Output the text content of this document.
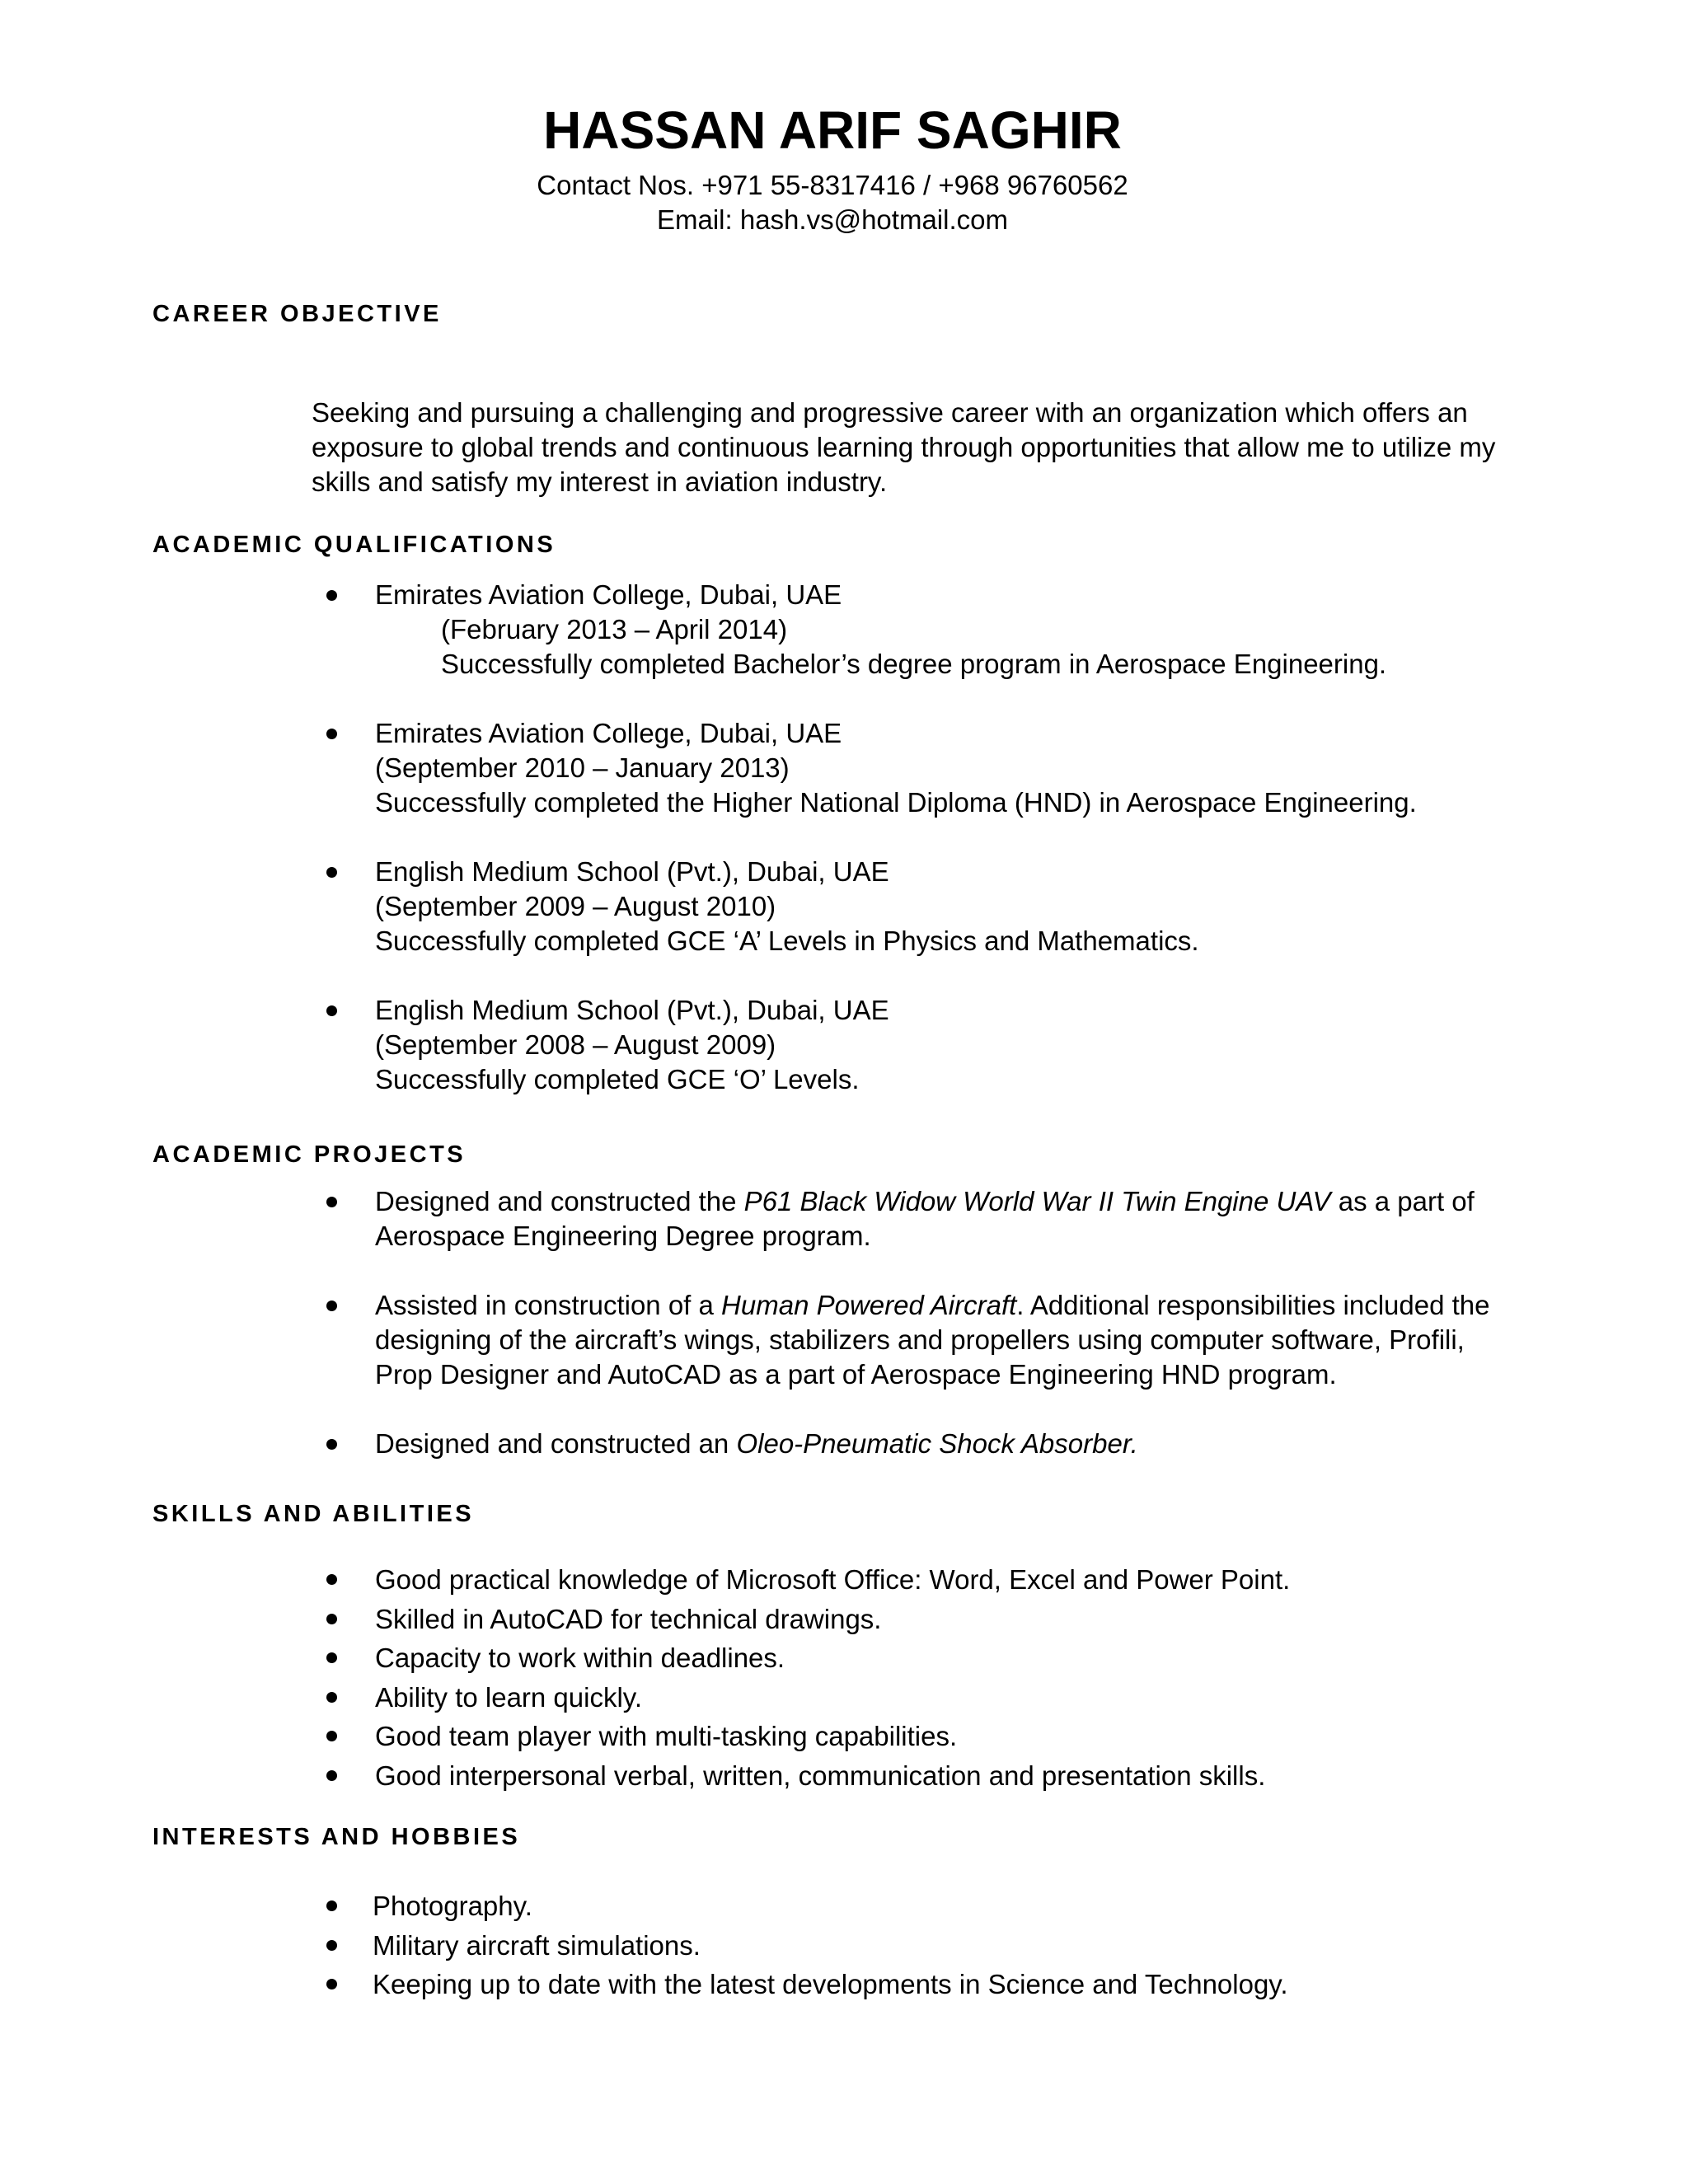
HASSAN ARIF SAGHIR
Contact Nos. +971 55-8317416 / +968 96760562
Email: hash.vs@hotmail.com
CAREER OBJECTIVE
Seeking and pursuing a challenging and progressive career with an organization which offers an exposure to global trends and continuous learning through opportunities that allow me to utilize my skills and satisfy my interest in aviation industry.
ACADEMIC QUALIFICATIONS
Emirates Aviation College, Dubai, UAE
(February 2013 – April 2014)
Successfully completed Bachelor’s degree program in Aerospace Engineering.
Emirates Aviation College, Dubai, UAE
(September 2010 – January 2013)
Successfully completed the Higher National Diploma (HND) in Aerospace Engineering.
English Medium School (Pvt.), Dubai, UAE
(September 2009 – August 2010)
Successfully completed GCE ‘A’ Levels in Physics and Mathematics.
English Medium School (Pvt.), Dubai, UAE
(September 2008 – August 2009)
Successfully completed GCE ‘O’ Levels.
ACADEMIC PROJECTS
Designed and constructed the P61 Black Widow World War II Twin Engine UAV as a part of Aerospace Engineering Degree program.
Assisted in construction of a Human Powered Aircraft. Additional responsibilities included the designing of the aircraft’s wings, stabilizers and propellers using computer software, Profili, Prop Designer and AutoCAD as a part of Aerospace Engineering HND program.
Designed and constructed an Oleo-Pneumatic Shock Absorber.
SKILLS AND ABILITIES
Good practical knowledge of Microsoft Office: Word, Excel and Power Point.
Skilled in AutoCAD for technical drawings.
Capacity to work within deadlines.
Ability to learn quickly.
Good team player with multi-tasking capabilities.
Good interpersonal verbal, written, communication and presentation skills.
INTERESTS AND HOBBIES
Photography.
Military aircraft simulations.
Keeping up to date with the latest developments in Science and Technology.
